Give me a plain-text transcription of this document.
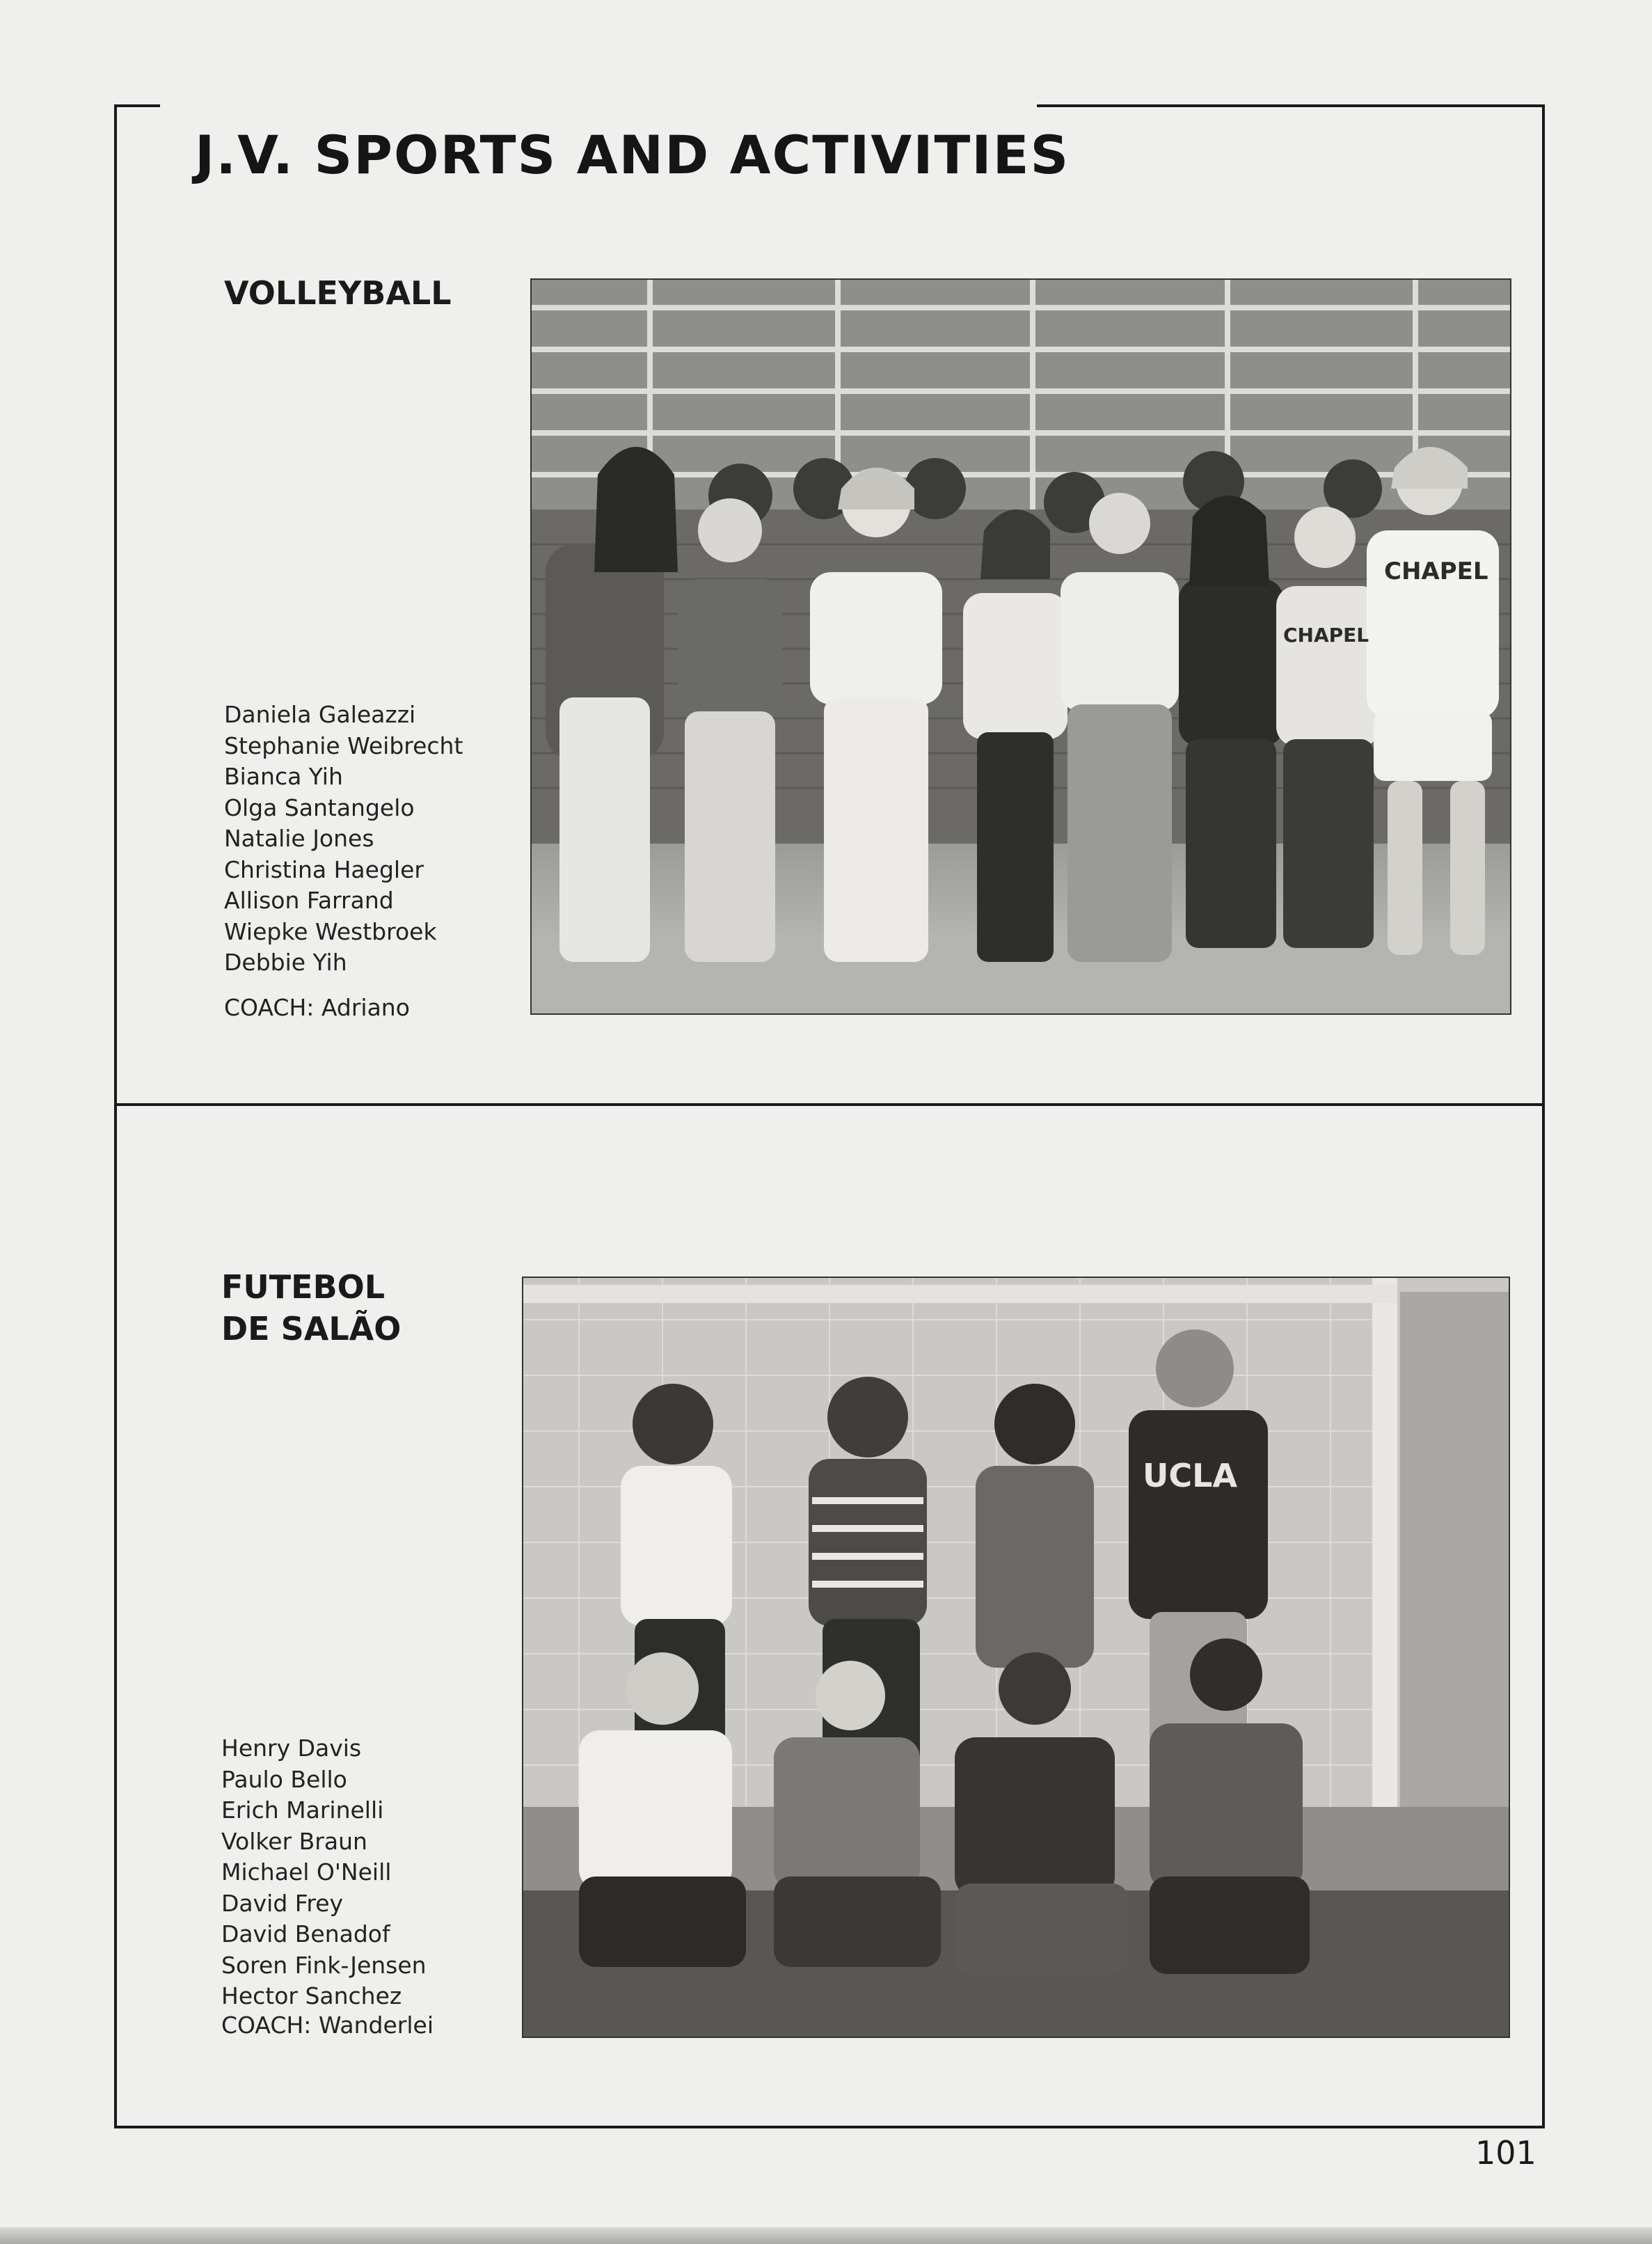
J.V. SPORTS AND ACTIVITIES
VOLLEYBALL
Daniela Galeazzi
Stephanie Weibrecht
Bianca Yih
Olga Santangelo
Natalie Jones
Christina Haegler
Allison Farrand
Wiepke Westbroek
Debbie Yih
COACH: Adriano
CHAPEL
CHAPEL
FUTEBOL
DE SALÃO
Henry Davis
Paulo Bello
Erich Marinelli
Volker Braun
Michael O'Neill
David Frey
David Benadof
Soren Fink-Jensen
Hector Sanchez
COACH: Wanderlei
UCLA
101
